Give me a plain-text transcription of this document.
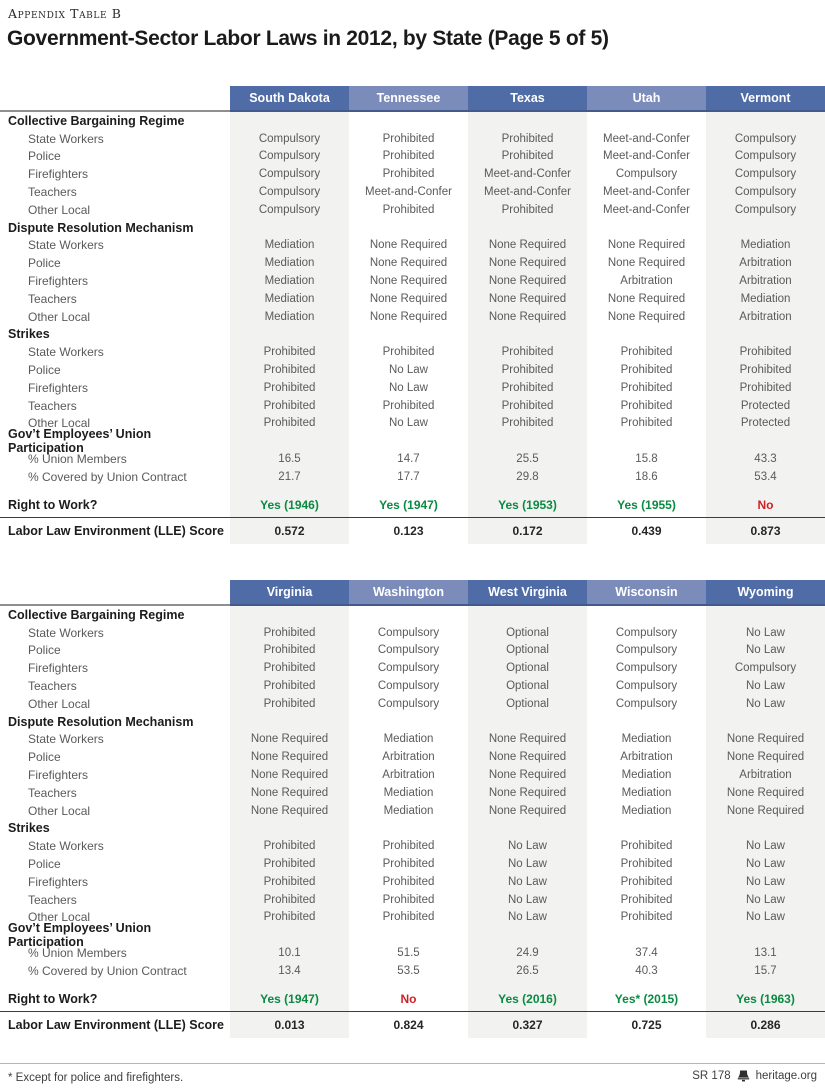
Appendix Table B
Government-Sector Labor Laws in 2012, by State (Page 5 of 5)
South Dakota	Tennessee	Texas	Utah	Vermont
Collective Bargaining Regime
State Workers	Compulsory	Prohibited	Prohibited	Meet-and-Confer	Compulsory
Police	Compulsory	Prohibited	Prohibited	Meet-and-Confer	Compulsory
Firefighters	Compulsory	Prohibited	Meet-and-Confer	Compulsory	Compulsory
Teachers	Compulsory	Meet-and-Confer	Meet-and-Confer	Meet-and-Confer	Compulsory
Other Local	Compulsory	Prohibited	Prohibited	Meet-and-Confer	Compulsory
Dispute Resolution Mechanism
State Workers	Mediation	None Required	None Required	None Required	Mediation
Police	Mediation	None Required	None Required	None Required	Arbitration
Firefighters	Mediation	None Required	None Required	Arbitration	Arbitration
Teachers	Mediation	None Required	None Required	None Required	Mediation
Other Local	Mediation	None Required	None Required	None Required	Arbitration
Strikes
State Workers	Prohibited	Prohibited	Prohibited	Prohibited	Prohibited
Police	Prohibited	No Law	Prohibited	Prohibited	Prohibited
Firefighters	Prohibited	No Law	Prohibited	Prohibited	Prohibited
Teachers	Prohibited	Prohibited	Prohibited	Prohibited	Protected
Other Local	Prohibited	No Law	Prohibited	Prohibited	Protected
Gov’t Employees’ Union Participation
% Union Members	16.5	14.7	25.5	15.8	43.3
% Covered by Union Contract	21.7	17.7	29.8	18.6	53.4
Right to Work?	Yes (1946)	Yes (1947)	Yes (1953)	Yes (1955)	No
Labor Law Environment (LLE) Score	0.572	0.123	0.172	0.439	0.873
Virginia	Washington	West Virginia	Wisconsin	Wyoming
Collective Bargaining Regime
State Workers	Prohibited	Compulsory	Optional	Compulsory	No Law
Police	Prohibited	Compulsory	Optional	Compulsory	No Law
Firefighters	Prohibited	Compulsory	Optional	Compulsory	Compulsory
Teachers	Prohibited	Compulsory	Optional	Compulsory	No Law
Other Local	Prohibited	Compulsory	Optional	Compulsory	No Law
Dispute Resolution Mechanism
State Workers	None Required	Mediation	None Required	Mediation	None Required
Police	None Required	Arbitration	None Required	Arbitration	None Required
Firefighters	None Required	Arbitration	None Required	Mediation	Arbitration
Teachers	None Required	Mediation	None Required	Mediation	None Required
Other Local	None Required	Mediation	None Required	Mediation	None Required
Strikes
State Workers	Prohibited	Prohibited	No Law	Prohibited	No Law
Police	Prohibited	Prohibited	No Law	Prohibited	No Law
Firefighters	Prohibited	Prohibited	No Law	Prohibited	No Law
Teachers	Prohibited	Prohibited	No Law	Prohibited	No Law
Other Local	Prohibited	Prohibited	No Law	Prohibited	No Law
Gov’t Employees’ Union Participation
% Union Members	10.1	51.5	24.9	37.4	13.1
% Covered by Union Contract	13.4	53.5	26.5	40.3	15.7
Right to Work?	Yes (1947)	No	Yes (2016)	Yes* (2015)	Yes (1963)
Labor Law Environment (LLE) Score	0.013	0.824	0.327	0.725	0.286
* Except for police and firefighters.	SR 178 heritage.org
